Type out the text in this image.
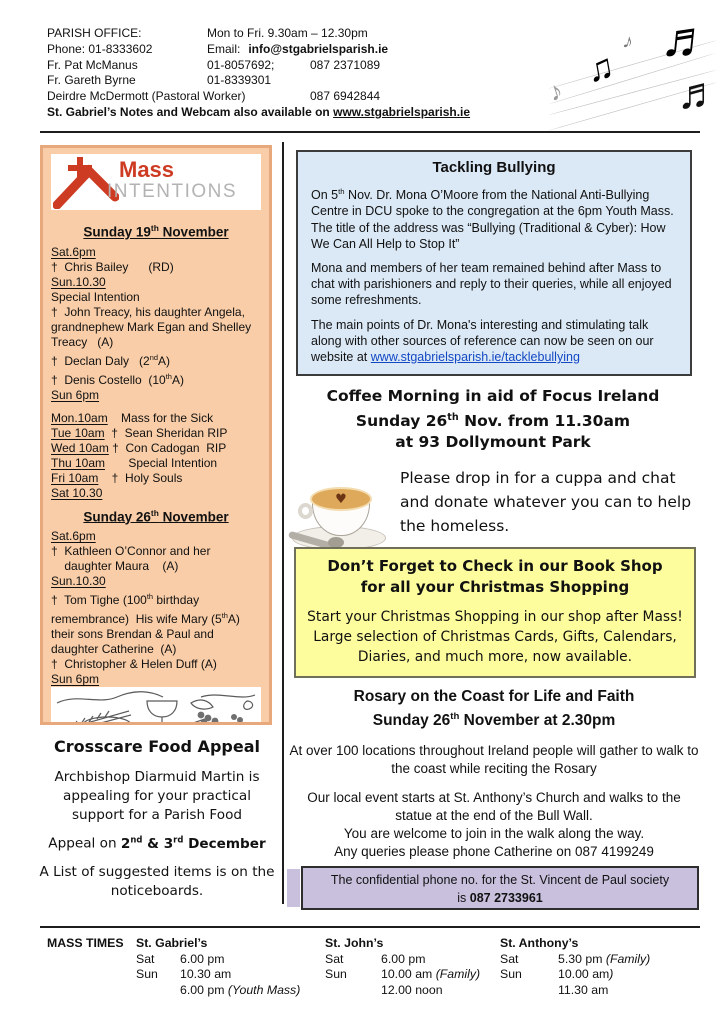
PARISH OFFICE:	Mon to Fri. 9.30am – 12.30pm
Phone: 01-8333602	Email: info@stgabrielsparish.ie
Fr. Pat McManus	01-8057692;	087 2371089
Fr. Gareth Byrne	01-8339301
Deirdre McDermott (Pastoral Worker)	087 6942844
St. Gabriel’s Notes and Webcam also available on www.stgabrielsparish.ie
♬
♫
♬
♪
♪
Mass
INTENTIONS
Sunday 19th November
Sat.6pm
†  Chris Bailey      (RD)
Sun.10.30
Special Intention
†  John Treacy, his daughter Angela, grandnephew Mark Egan and Shelley Treacy   (A)
†  Declan Daly   (2ndA)
†  Denis Costello  (10thA)
Sun 6pm
Mon.10am    Mass for the Sick
Tue 10am  †  Sean Sheridan RIP
Wed 10am †  Con Cadogan  RIP
Thu 10am       Special Intention
Fri 10am    †  Holy Souls
Sat 10.30
Sunday 26th November
Sat.6pm
†  Kathleen O’Connor and her
daughter Maura    (A)
Sun.10.30
†  Tom Tighe (100th birthday remembrance)  His wife Mary (5thA) their sons Brendan & Paul and daughter Catherine  (A)
†  Christopher & Helen Duff (A)
Sun 6pm
Crosscare Food Appeal
Archbishop Diarmuid Martin is appealing for your practical support for a Parish Food
Appeal on 2nd & 3rd December
A List of suggested items is on the noticeboards.
Tackling Bullying

On 5th Nov. Dr. Mona O’Moore from the National Anti-Bullying Centre in DCU spoke to the congregation at the 6pm Youth Mass. The title of the address was “Bullying (Traditional & Cyber): How We Can All Help to Stop It”

Mona and members of her team remained behind after Mass to chat with parishioners and reply to their queries, while all enjoyed some refreshments.

The main points of Dr. Mona's interesting and stimulating talk along with other sources of reference can now be seen on our website at www.stgabrielsparish.ie/tacklebullying

Coffee Morning in aid of Focus Ireland
Sunday 26th Nov. from 11.30am
at 93 Dollymount Park
♥
Please drop in for a cuppa and chat and donate whatever you can to help the homeless.
Don’t Forget to Check in our Book Shop
for all your Christmas Shopping
Start your Christmas Shopping in our shop after Mass!    Large selection of Christmas Cards, Gifts, Calendars, Diaries, and much more, now available.
Rosary on the Coast for Life and Faith
Sunday 26th November at 2.30pm
At over 100 locations throughout Ireland people will gather to walk to the coast while reciting the Rosary
Our local event starts at St. Anthony’s Church and walks to the statue at the end of the Bull Wall.
You are welcome to join in the walk along the way.
Any queries please phone Catherine on 087 4199249
The confidential phone no. for the St. Vincent de Paul society
is 087 2733961
MASS TIMES St. Gabriel’s
Sat	6.00 pm
Sun	10.30 am
6.00 pm (Youth Mass)
St. John’s
Sat	6.00 pm
Sun	10.00 am (Family)
12.00 noon
St. Anthony’s
Sat	5.30 pm (Family)
Sun	10.00 am)
11.30 am
